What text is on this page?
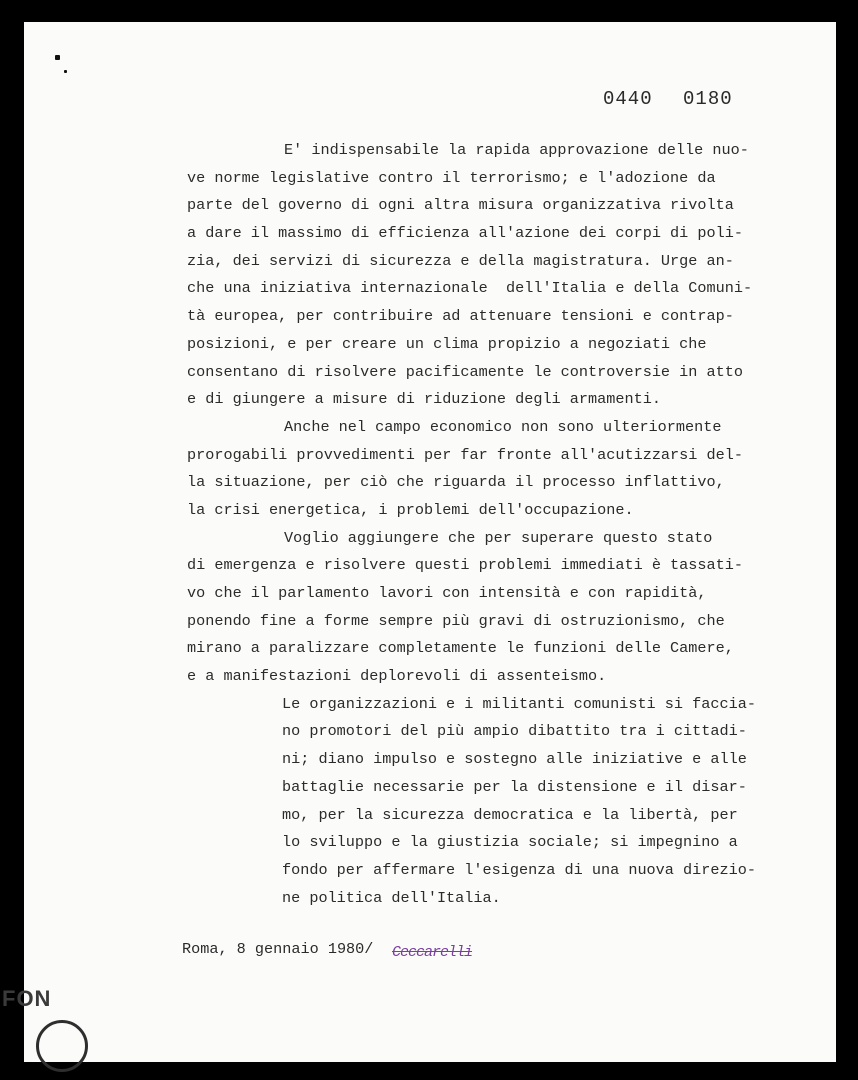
0440 0180
E' indispensabile la rapida approvazione delle nuo-
ve norme legislative contro il terrorismo; e l'adozione da
parte del governo di ogni altra misura organizzativa rivolta
a dare il massimo di efficienza all'azione dei corpi di poli-
zia, dei servizi di sicurezza e della magistratura. Urge an-
che una iniziativa internazionale  dell'Italia e della Comuni-
tà europea, per contribuire ad attenuare tensioni e contrap-
posizioni, e per creare un clima propizio a negoziati che
consentano di risolvere pacificamente le controversie in atto
e di giungere a misure di riduzione degli armamenti.
Anche nel campo economico non sono ulteriormente
prorogabili provvedimenti per far fronte all'acutizzarsi del-
la situazione, per ciò che riguarda il processo inflattivo,
la crisi energetica, i problemi dell'occupazione.
Voglio aggiungere che per superare questo stato
di emergenza e risolvere questi problemi immediati è tassati-
vo che il parlamento lavori con intensità e con rapidità,
ponendo fine a forme sempre più gravi di ostruzionismo, che
mirano a paralizzare completamente le funzioni delle Camere,
e a manifestazioni deplorevoli di assenteismo.
Le organizzazioni e i militanti comunisti si faccia-
no promotori del più ampio dibattito tra i cittadi-
ni; diano impulso e sostegno alle iniziative e alle
battaglie necessarie per la distensione e il disar-
mo, per la sicurezza democratica e la libertà, per
lo sviluppo e la giustizia sociale; si impegnino a
fondo per affermare l'esigenza di una nuova direzio-
ne politica dell'Italia.
Roma, 8 gennaio 1980/ Ceccarelli
FON
